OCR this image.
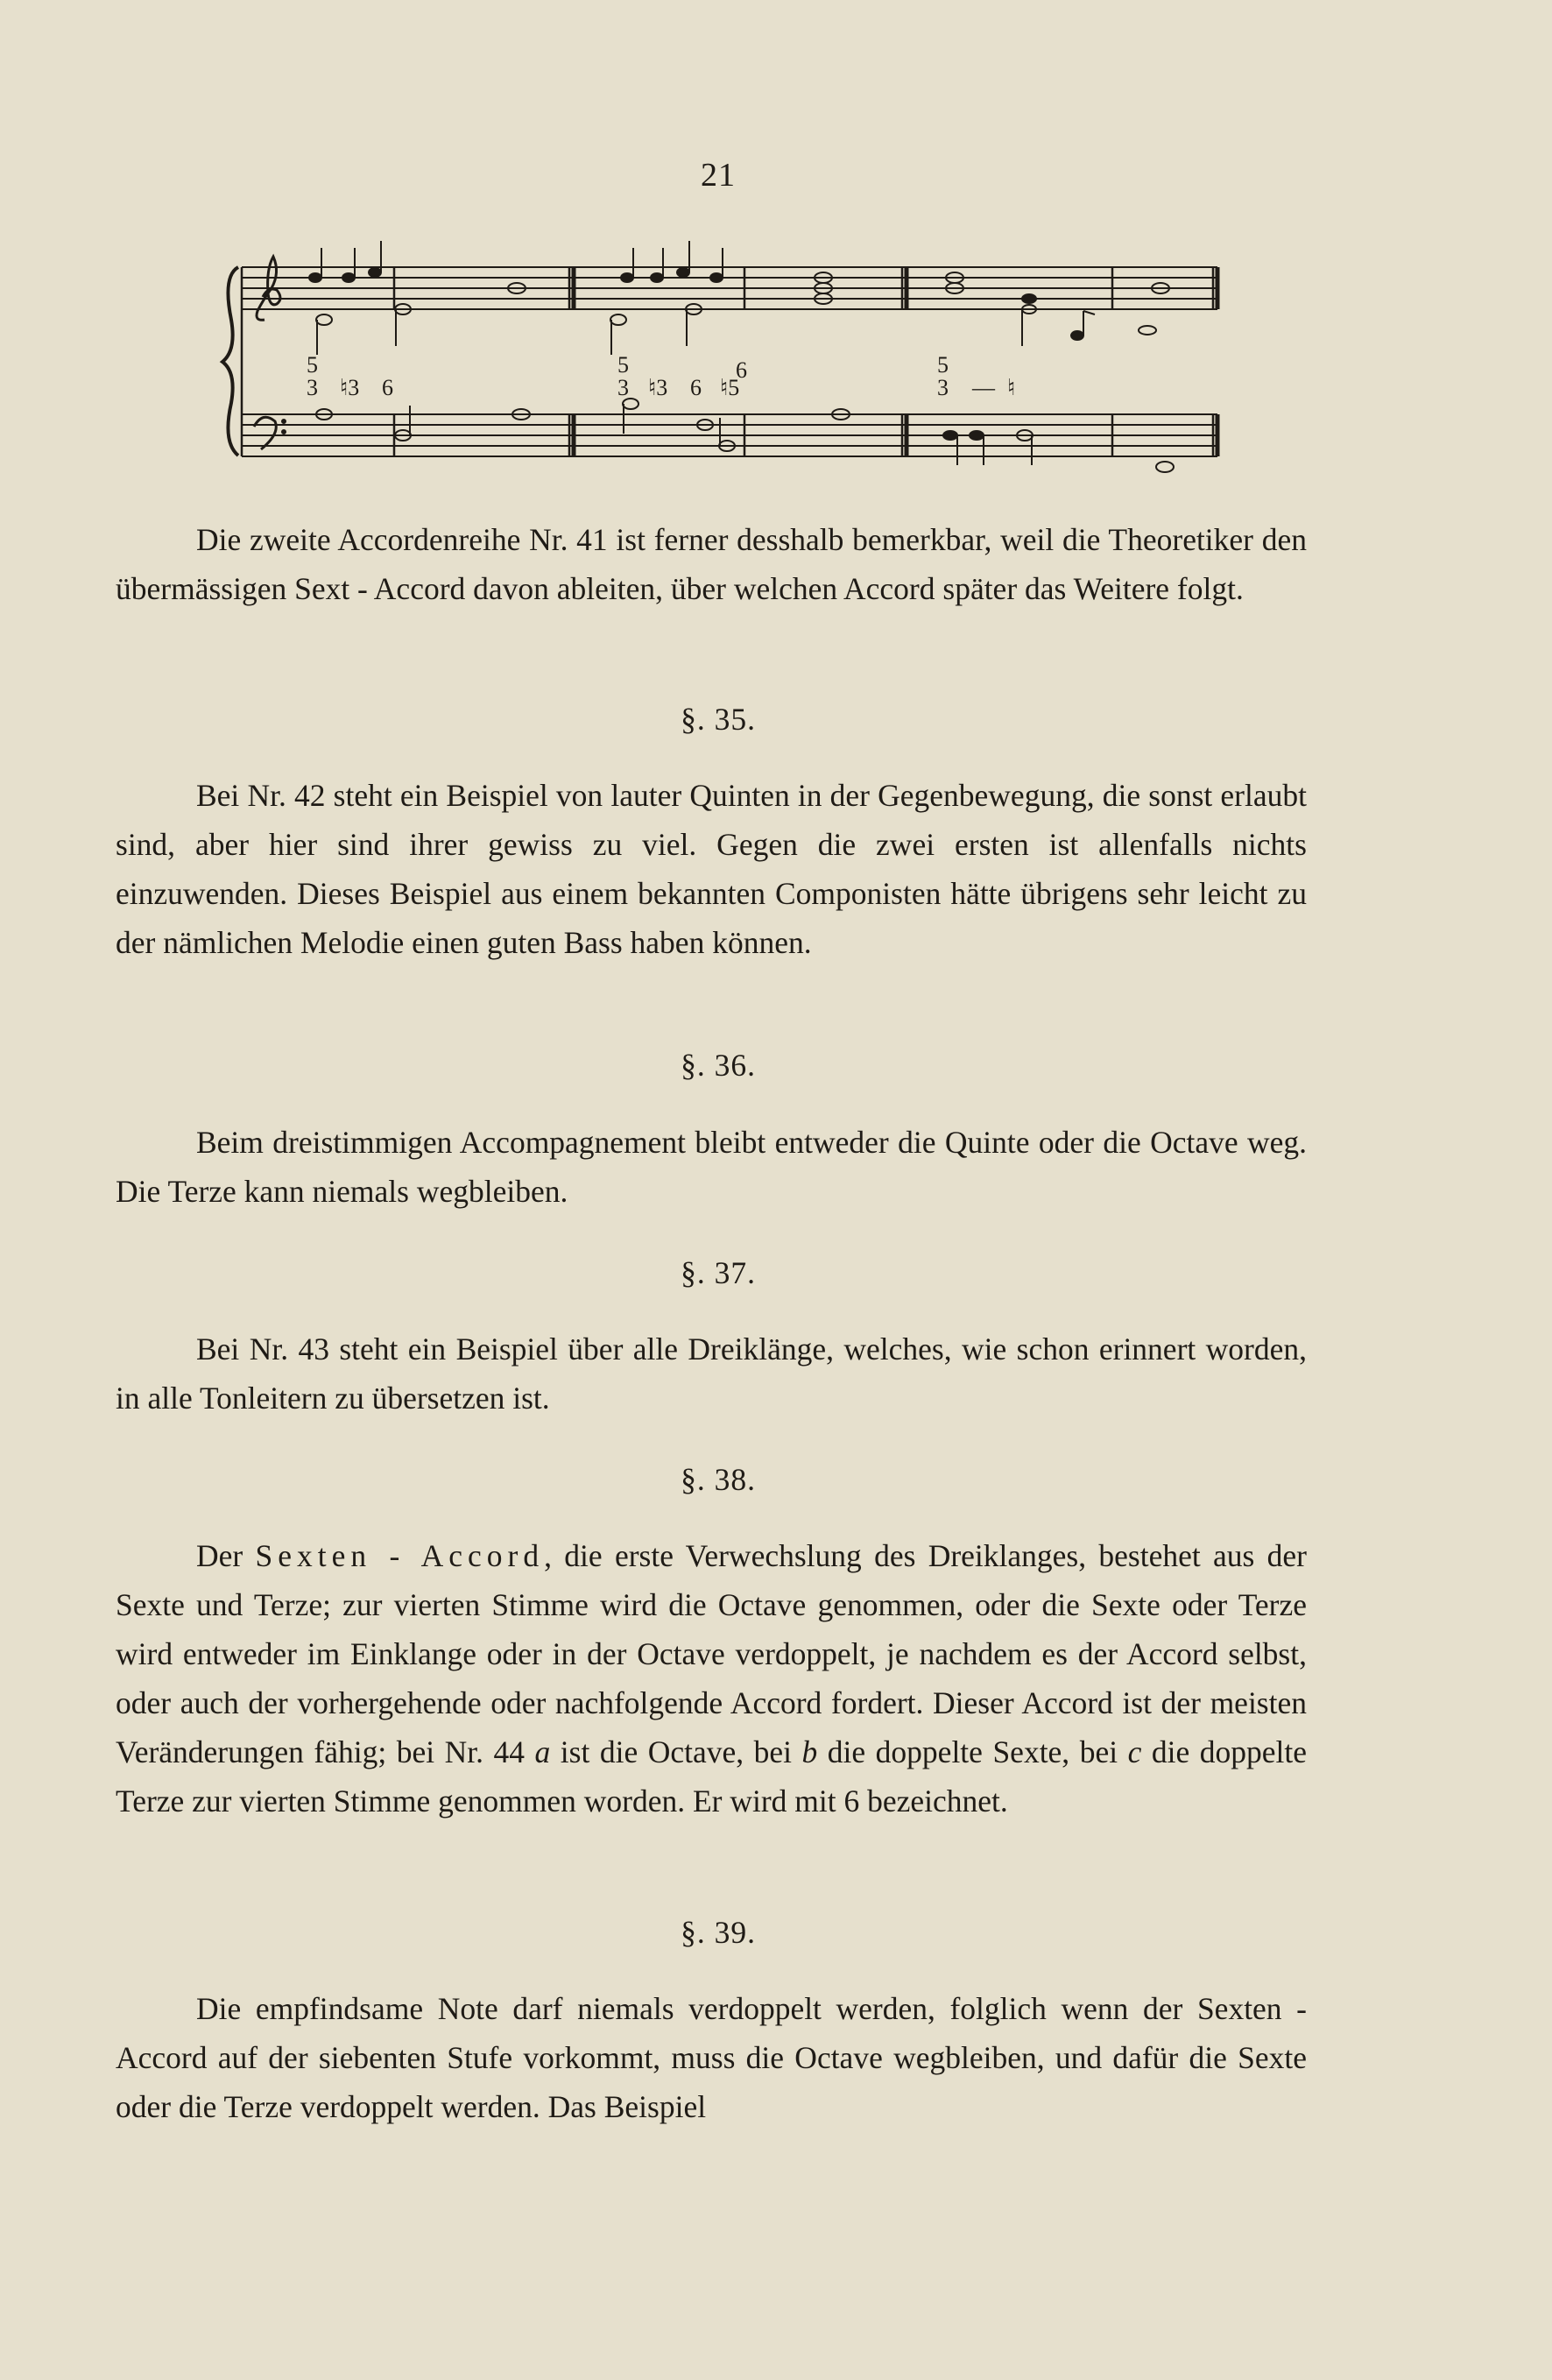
21
5
3 ♮3 6
5
3 ♮3 6
6
♮5
5
3 — ♮

Die zweite Accordenreihe Nr. 41 ist ferner desshalb bemerkbar, weil die Theoretiker den übermässigen Sext - Accord davon ableiten, über welchen Accord später das Weitere folgt.

§. 35.

Bei Nr. 42 steht ein Beispiel von lauter Quinten in der Gegenbewegung, die sonst erlaubt sind, aber hier sind ihrer gewiss zu viel. Gegen die zwei ersten ist allenfalls nichts einzuwenden. Dieses Beispiel aus einem bekannten Componisten hätte übrigens sehr leicht zu der nämlichen Melodie einen guten Bass haben können.

§. 36.

Beim dreistimmigen Accompagnement bleibt entweder die Quinte oder die Octave weg. Die Terze kann niemals wegbleiben.

§. 37.

Bei Nr. 43 steht ein Beispiel über alle Dreiklänge, welches, wie schon erinnert worden, in alle Tonleitern zu übersetzen ist.

§. 38.

Der Sexten - Accord, die erste Verwechslung des Dreiklanges, bestehet aus der Sexte und Terze; zur vierten Stimme wird die Octave genommen, oder die Sexte oder Terze wird entweder im Einklange oder in der Octave verdoppelt, je nachdem es der Accord selbst, oder auch der vorhergehende oder nachfolgende Accord fordert. Dieser Accord ist der meisten Veränderungen fähig; bei Nr. 44 a ist die Octave, bei b die doppelte Sexte, bei c die doppelte Terze zur vierten Stimme genommen worden. Er wird mit 6 bezeichnet.

§. 39.

Die empfindsame Note darf niemals verdoppelt werden, folglich wenn der Sexten - Accord auf der siebenten Stufe vorkommt, muss die Octave wegbleiben, und dafür die Sexte oder die Terze verdoppelt werden. Das Beispiel
